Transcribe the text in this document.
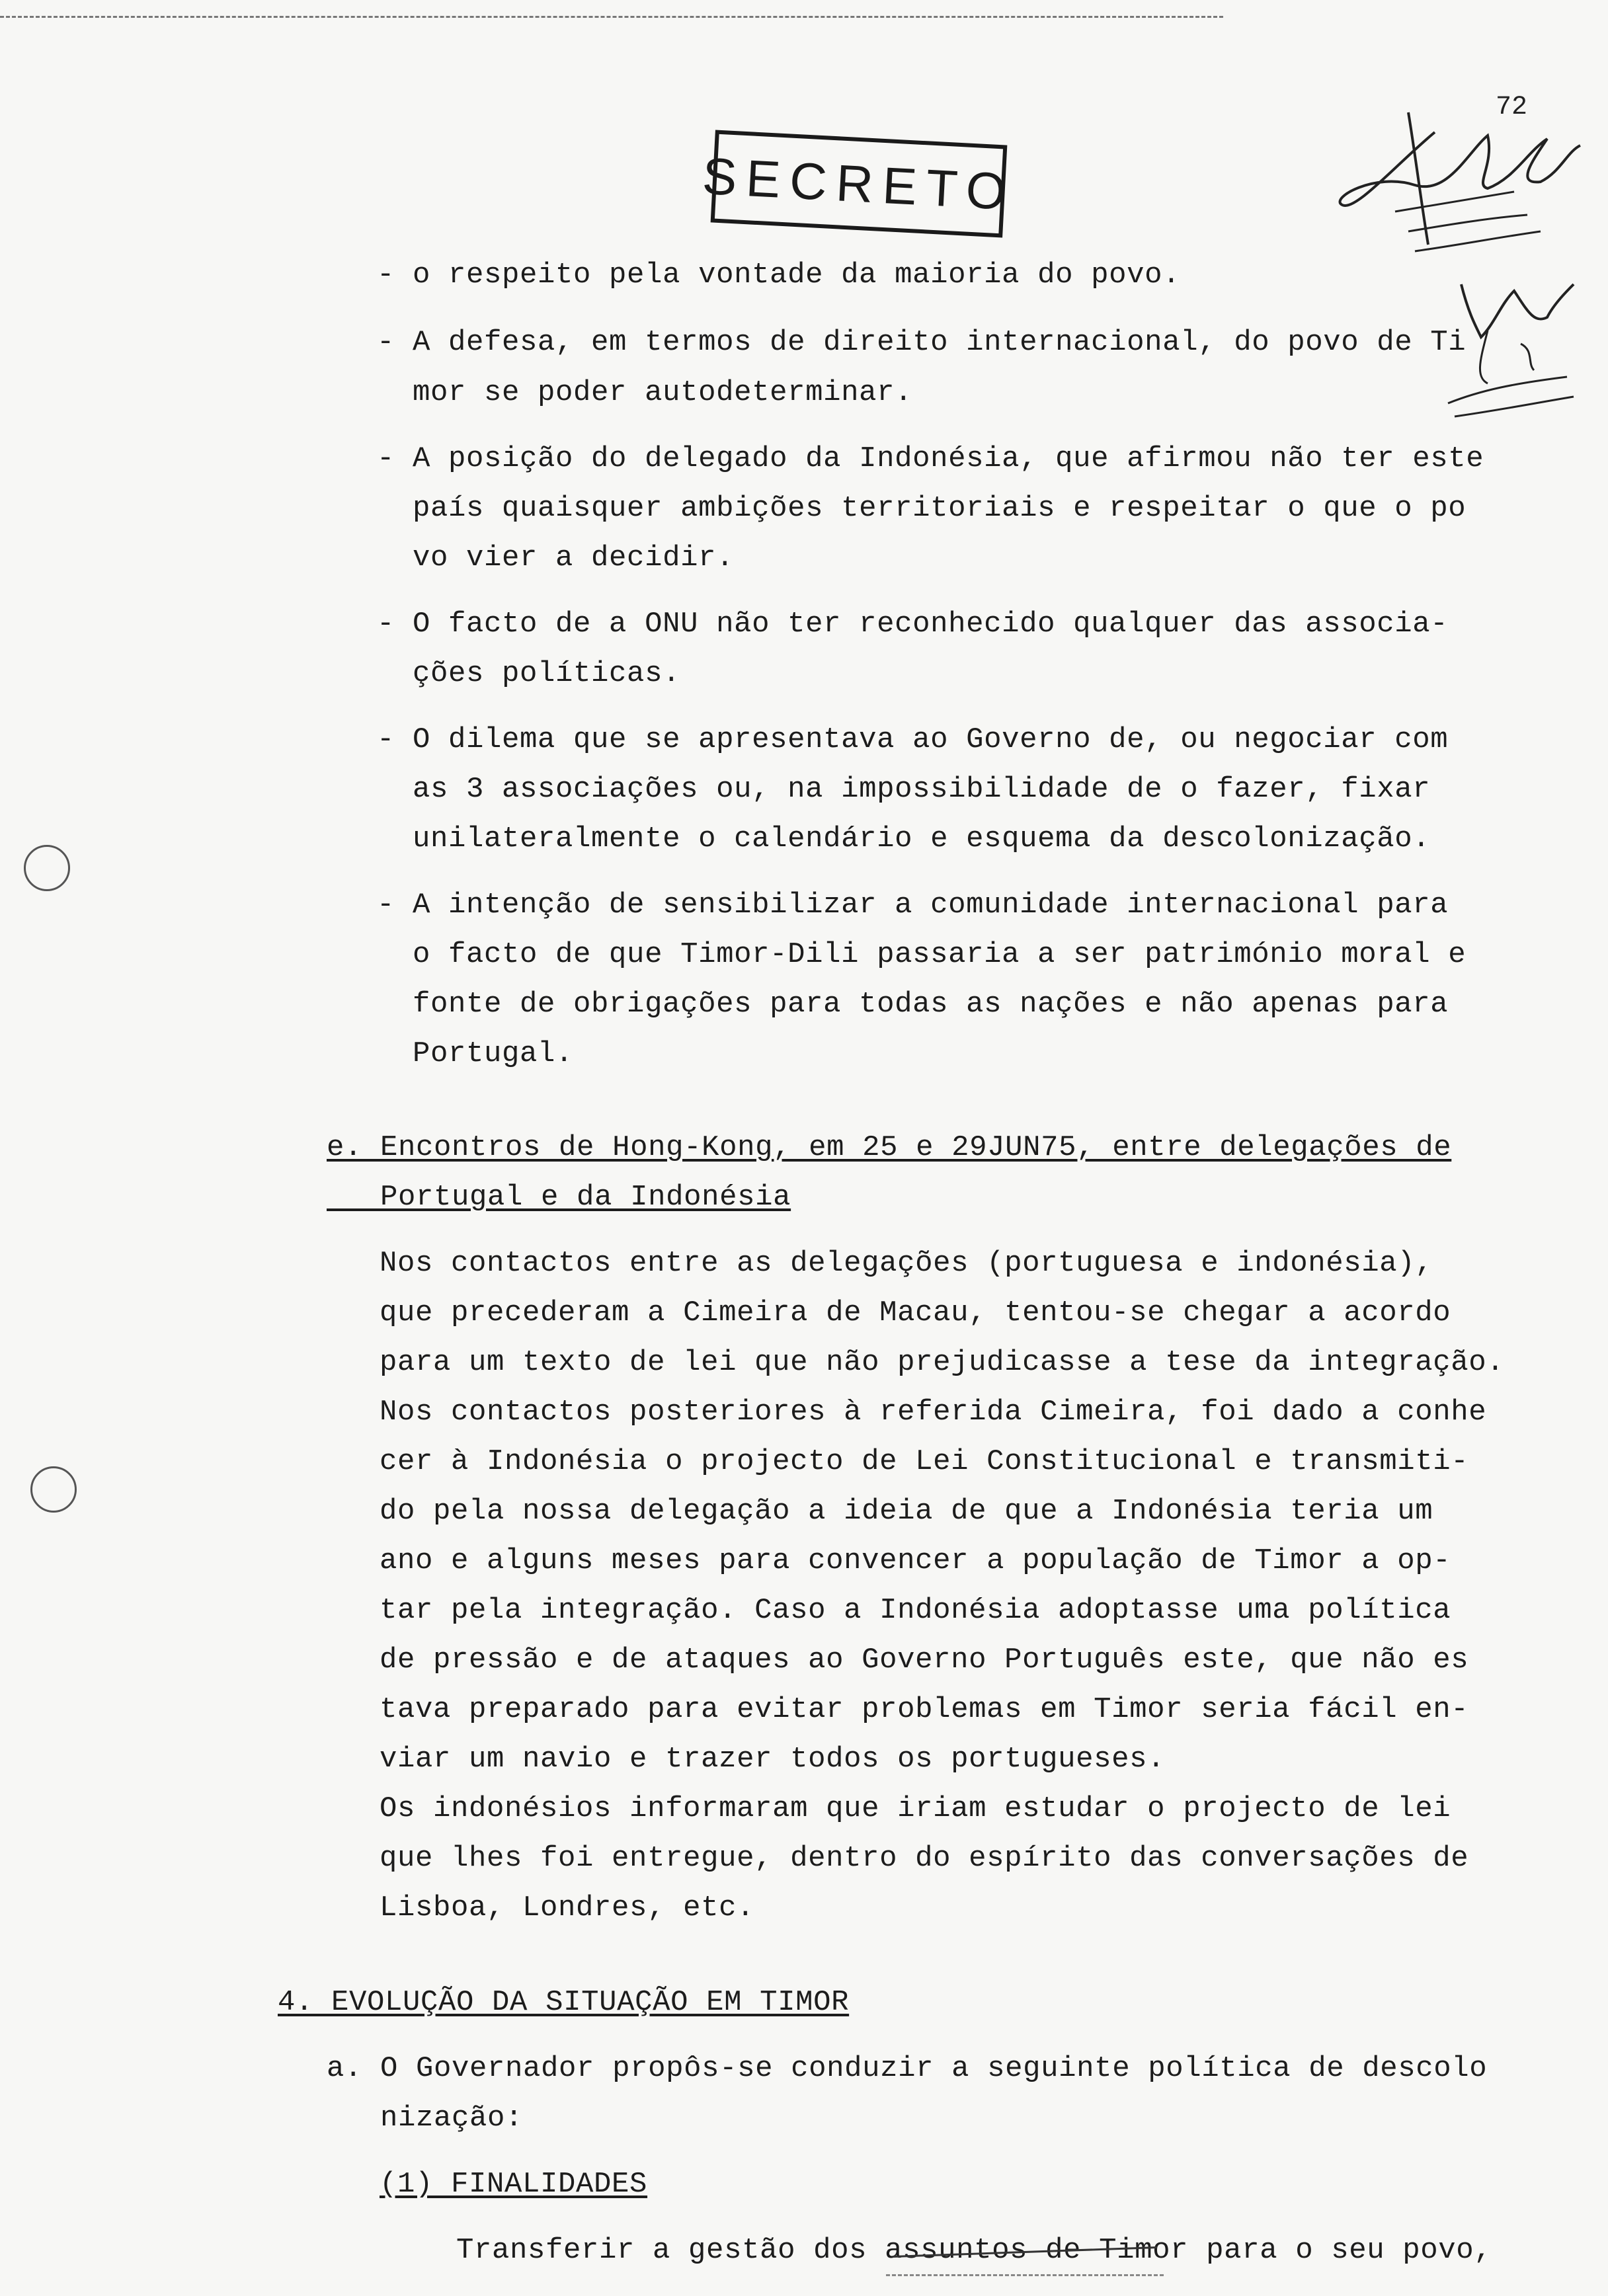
72
SECRETO
- o respeito pela vontade da maioria do povo.
- A defesa, em termos de direito internacional, do povo de Ti
mor se poder autodeterminar.
- A posição do delegado da Indonésia, que afirmou não ter este
país quaisquer ambições territoriais e respeitar o que o po
vo vier a decidir.
- O facto de a ONU não ter reconhecido qualquer das associa-
ções políticas.
- O dilema que se apresentava ao Governo de, ou negociar com
as 3 associações ou, na impossibilidade de o fazer, fixar
unilateralmente o calendário e esquema da descolonização.
- A intenção de sensibilizar a comunidade internacional para
o facto de que Timor-Dili passaria a ser património moral e
fonte de obrigações para todas as nações e não apenas para
Portugal.
e. Encontros de Hong-Kong, em 25 e 29JUN75, entre delegações de
Portugal e da Indonésia
Nos contactos entre as delegações (portuguesa e indonésia),
que precederam a Cimeira de Macau, tentou-se chegar a acordo
para um texto de lei que não prejudicasse a tese da integração.
Nos contactos posteriores à referida Cimeira, foi dado a conhe
cer à Indonésia o projecto de Lei Constitucional e transmiti-
do pela nossa delegação a ideia de que a Indonésia teria um
ano e alguns meses para convencer a população de Timor a op-
tar pela integração. Caso a Indonésia adoptasse uma política
de pressão e de ataques ao Governo Português este, que não es
tava preparado para evitar problemas em Timor seria fácil en-
viar um navio e trazer todos os portugueses.
Os indonésios informaram que iriam estudar o projecto de lei
que lhes foi entregue, dentro do espírito das conversações de
Lisboa, Londres, etc.
4. EVOLUÇÃO DA SITUAÇÃO EM TIMOR
a. O Governador propôs-se conduzir a seguinte política de descolo
nização:
(1) FINALIDADES
Transferir a gestão dos assuntos de Timor para o seu povo,
